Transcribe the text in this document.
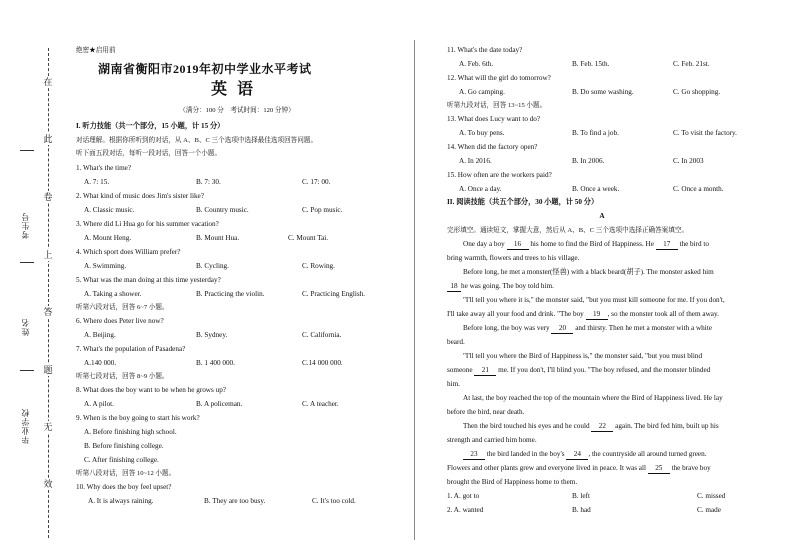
在
此
卷
上
答
题
无
效
考生号
姓名
毕业学校
绝密★启用前
湖南省衡阳市2019年初中学业水平考试
英语
（满分：100 分　考试时间：120 分钟）
I. 听力技能（共一个部分，15 小题，计 15 分）
对话理解。根据你所听到的对话，从 A、B、C 三个选项中选择最佳选项回答问题。
听下面五段对话，每听一段对话，回答一个小题。
1. What's the time?
A. 7: 15.	B. 7: 30.	C. 17: 00.
2. What kind of music does Jim's sister like?
A. Classic music.	B. Country music.	C. Pop music.
3. Where did Li Hua go for his summer vacation?
A. Mount Heng.	B. Mount Hua.	C. Mount Tai.
4. Which sport does William prefer?
A. Swimming.	B. Cycling.	C. Rowing.
5. What was the man doing at this time yesterday?
A. Taking a shower.	B. Practicing the violin.	C. Practicing English.
听第六段对话，回答 6~7 小题。
6. Where does Peter live now?
A. Beijing.	B. Sydney.	C. California.
7. What's the population of Pasadena?
A.140 000.	B. 1 400 000.	C.14 000 000.
听第七段对话，回答 8~9 小题。
8. What does the boy want to be when he grows up?
A. A pilot.	B. A policeman.	C. A teacher.
9. When is the boy going to start his work?
A. Before finishing high school.
B. Before finishing college.
C. After finishing college.
听第八段对话，回答 10~12 小题。
10. Why does the boy feel upset?
A. It is always raining.	B. They are too busy.	C. It's too cold.
11. What's the date today?
A. Feb. 6th.	B. Feb. 15th.	C. Feb. 21st.
12. What will the girl do tomorrow?
A. Go camping.	B. Do some washing.	C. Go shopping.
听第九段对话，回答 13~15 小题。
13. What does Lucy want to do?
A. To buy pens.	B. To find a job.	C. To visit the factory.
14. When did the factory open?
A. In 2016.	B. In 2006.	C. In 2003
15. How often are the workers paid?
A. Once a day.	B. Once a week.	C. Once a month.
II. 阅读技能（共五个部分，30 小题，计 50 分）
A
完形填空。通读短文，掌握大意，然后从 A、B、C 三个选项中选择正确答案填空。
One day a boy 16 his home to find the Bird of Happiness. He 17 the bird to
bring warmth, flowers and trees to his village.
Before long, he met a monster(怪兽) with a black beard(胡子). The monster asked him
18 he was going. The boy told him.
"I'll tell you where it is," the monster said, "but you must kill someone for me. If you don't,
I'll take away all your food and drink. "The boy 19 , so the monster took all of them away.
Before long, the boy was very 20 and thirsty. Then he met a monster with a white
beard.
"I'll tell you where the Bird of Happiness is," the monster said, "but you must blind
someone 21 me. If you don't, I'll blind you. "The boy refused, and the monster blinded
him.
At last, the boy reached the top of the mountain where the Bird of Happiness lived. He lay
before the bird, near death.
Then the bird touched his eyes and he could 22 again. The bird fed him, built up his
strength and carried him home.
23 the bird landed in the boy's 24 , the countryside all around turned green.
Flowers and other plants grew and everyone lived in peace. It was all 25 the brave boy
brought the Bird of Happiness home to them.
1. A. got to	B. left	C. missed
2. A. wanted	B. had	C. made
